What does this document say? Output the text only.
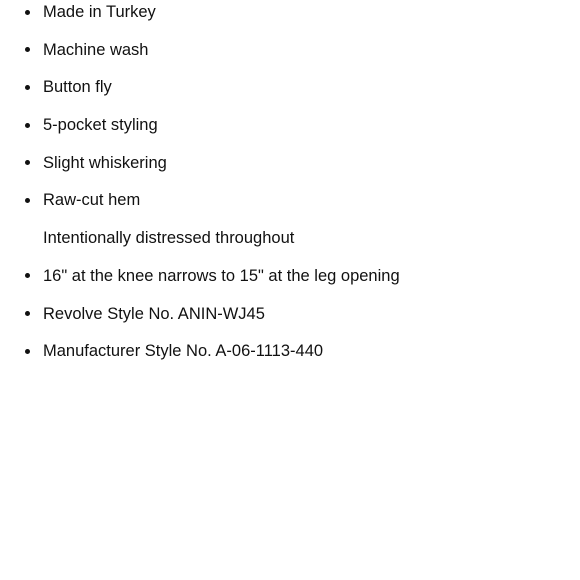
Made in Turkey
Machine wash
Button fly
5-pocket styling
Slight whiskering
Raw-cut hem
Intentionally distressed throughout
16" at the knee narrows to 15" at the leg opening
Revolve Style No. ANIN-WJ45
Manufacturer Style No. A-06-1113-440
